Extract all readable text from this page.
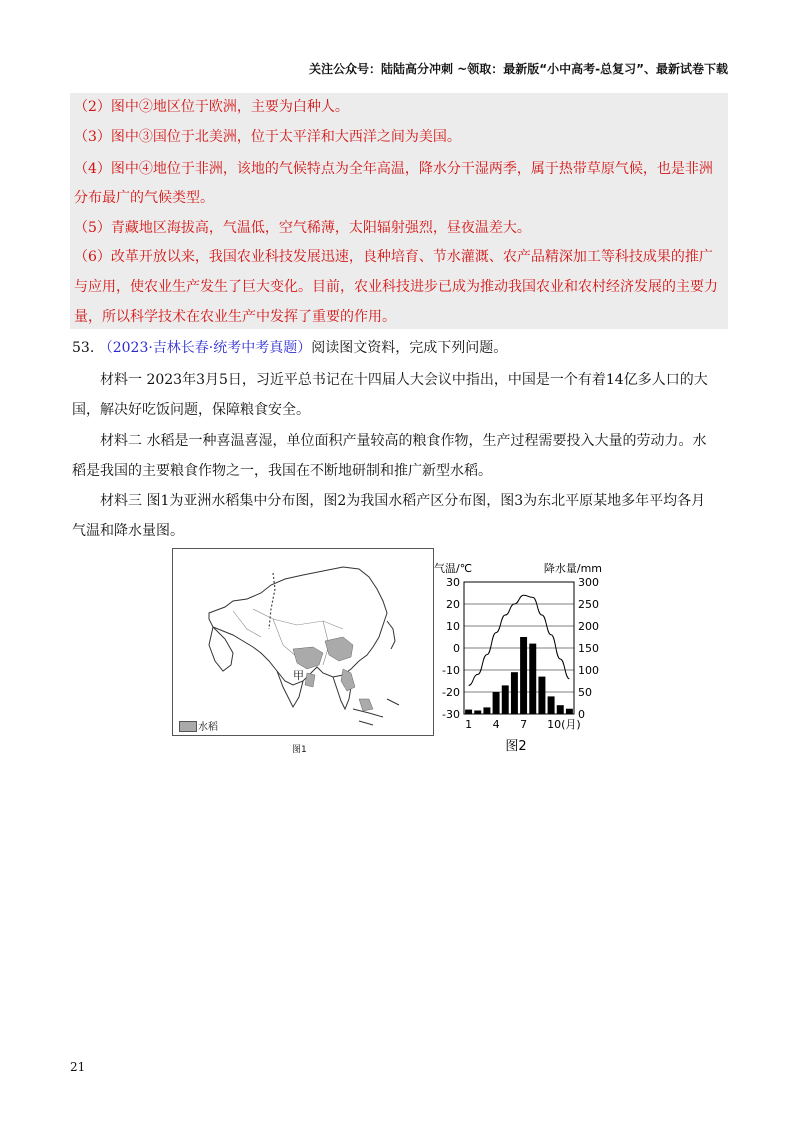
关注公众号：陆陆高分冲刺 ~领取：最新版“小中高考-总复习”、最新试卷下载
（2）图中②地区位于欧洲，主要为白种人。
（3）图中③国位于北美洲，位于太平洋和大西洋之间为美国。
（4）图中④地位于非洲，该地的气候特点为全年高温，降水分干湿两季，属于热带草原气候，也是非洲
分布最广的气候类型。
（5）青藏地区海拔高，气温低，空气稀薄，太阳辐射强烈，昼夜温差大。
（6）改革开放以来，我国农业科技发展迅速，良种培育、节水灌溉、农产品精深加工等科技成果的推广
与应用，使农业生产发生了巨大变化。目前，农业科技进步已成为推动我国农业和农村经济发展的主要力
量，所以科学技术在农业生产中发挥了重要的作用。
53. （2023·吉林长春·统考中考真题）阅读图文资料，完成下列问题。
材料一 2023年3月5日，习近平总书记在十四届人大会议中指出，中国是一个有着14亿多人口的大
国，解决好吃饭问题，保障粮食安全。
材料二 水稻是一种喜温喜湿，单位面积产量较高的粮食作物，生产过程需要投入大量的劳动力。水
稻是我国的主要粮食作物之一，我国在不断地研制和推广新型水稻。
材料三 图1为亚洲水稻集中分布图，图2为我国水稻产区分布图，图3为东北平原某地多年平均各月
气温和降水量图。
甲
水稻
图1
气温/℃	降水量/mm
30
20
10
0
-10
-20
-30
300
250
200
150
100
50
0
1 4 7 10(月)
图2
21
